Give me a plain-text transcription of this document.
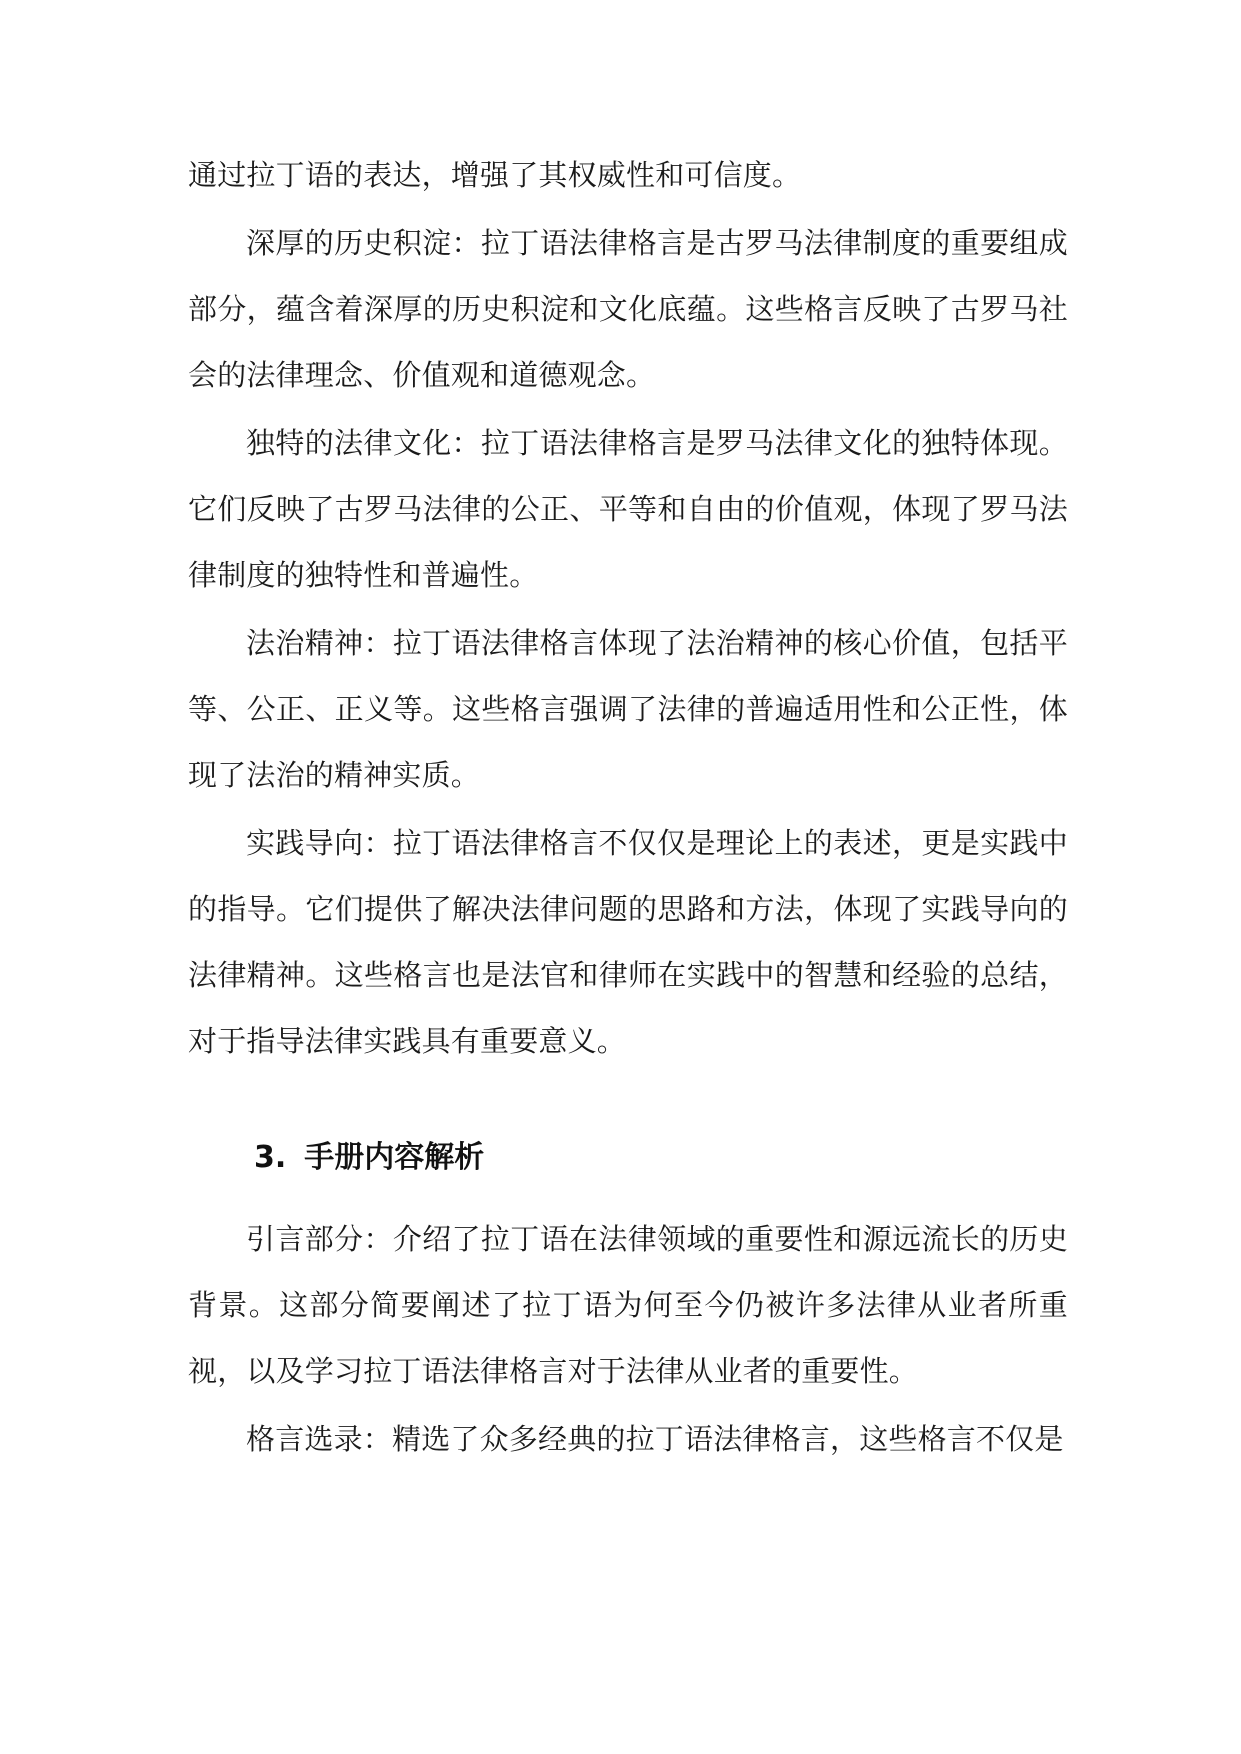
通过拉丁语的表达，增强了其权威性和可信度。

深厚的历史积淀：拉丁语法律格言是古罗马法律制度的重要组成部分，蕴含着深厚的历史积淀和文化底蕴。这些格言反映了古罗马社会的法律理念、价值观和道德观念。

独特的法律文化：拉丁语法律格言是罗马法律文化的独特体现。它们反映了古罗马法律的公正、平等和自由的价值观，体现了罗马法律制度的独特性和普遍性。

法治精神：拉丁语法律格言体现了法治精神的核心价值，包括平等、公正、正义等。这些格言强调了法律的普遍适用性和公正性，体现了法治的精神实质。

实践导向：拉丁语法律格言不仅仅是理论上的表述，更是实践中的指导。它们提供了解决法律问题的思路和方法，体现了实践导向的法律精神。这些格言也是法官和律师在实践中的智慧和经验的总结，对于指导法律实践具有重要意义。

3. 手册内容解析

引言部分：介绍了拉丁语在法律领域的重要性和源远流长的历史背景。这部分简要阐述了拉丁语为何至今仍被许多法律从业者所重视，以及学习拉丁语法律格言对于法律从业者的重要性。

格言选录：精选了众多经典的拉丁语法律格言，这些格言不仅是
